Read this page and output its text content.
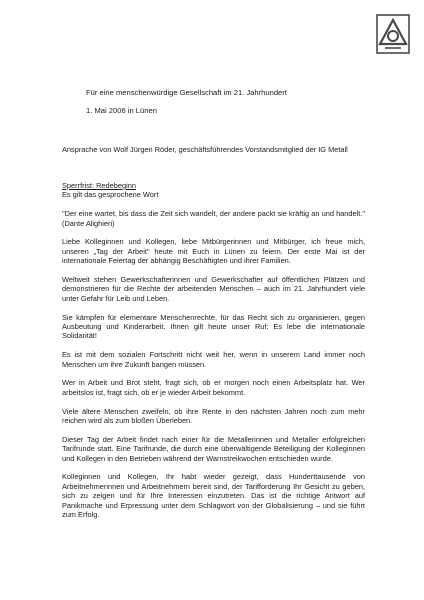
Für eine menschenwürdige Gesellschaft im 21. Jahrhundert
1. Mai 2006 in Lünen
Ansprache von Wolf Jürgen Röder, geschäftsführendes Vorstandsmitglied der IG Metall

Sperrfrist: Redebeginn

Es gilt das gesprochene Wort

"Der eine wartet, bis dass die Zeit sich wandelt, der andere packt sie kräftig an und handelt." (Dante Alighieri)

Liebe Kolleginnen und Kollegen, liebe Mitbürgerinnen und Mitbürger, ich freue mich, unseren „Tag der Arbeit" heute mit Euch in Lünen zu feiern. Der erste Mai ist der internationale Feiertag der abhängig Beschäftigten und ihrer Familien.

Weltweit stehen Gewerkschafterinnen und Gewerkschafter auf öffentlichen Plätzen und demonstrieren für die Rechte der arbeitenden Menschen – auch im 21. Jahrhundert viele unter Gefahr für Leib und Leben.

Sie kämpfen für elementare Menschenrechte, für das Recht sich zu organisieren, gegen Ausbeutung und Kinderarbeit. Ihnen gilt heute unser Ruf: Es lebe die internationale Solidarität!

Es ist mit dem sozialen Fortschritt nicht weit her, wenn in unserem Land immer noch Menschen um ihre Zukunft bangen müssen.

Wer in Arbeit und Brot steht, fragt sich, ob er morgen noch einen Arbeitsplatz hat. Wer arbeitslos ist, fragt sich, ob er je wieder Arbeit bekommt.

Viele ältere Menschen zweifeln, ob ihre Rente in den nächsten Jahren noch zum mehr reichen wird als zum bloßen Überleben.

Dieser Tag der Arbeit findet nach einer für die Metallerinnen und Metaller erfolgreichen Tarifrunde statt. Eine Tarifrunde, die durch eine überwältigende Beteiligung der Kolleginnen und Kollegen in den Betrieben während der Warnstreikwochen entschieden wurde.

Kolleginnen und Kollegen, Ihr habt wieder gezeigt, dass Hunderttausende von Arbeitnehmerinnen und Arbeitnehmern bereit sind, der Tarifforderung Ihr Gesicht zu geben, sich zu zeigen und für Ihre Interessen einzutreten. Das ist die richtige Antwort auf Panikmache und Erpressung unter dem Schlagwort von der Globalisierung – und sie führt zum Erfolg.
